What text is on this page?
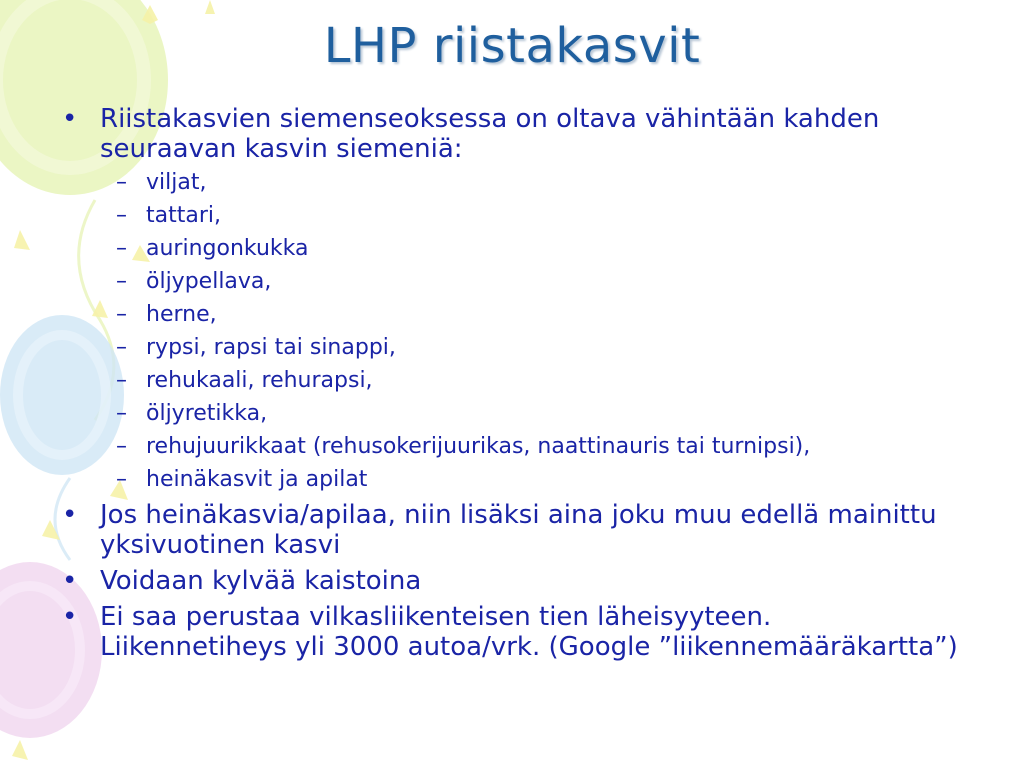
LHP riistakasvit
• Riistakasvien siemenseoksessa on oltava vähintään kahden seuraavan kasvin siemeniä:
– viljat,
– tattari,
– auringonkukka
– öljypellava,
– herne,
– rypsi, rapsi tai sinappi,
– rehukaali, rehurapsi,
– öljyretikka,
– rehujuurikkaat (rehusokerijuurikas, naattinauris tai turnipsi),
– heinäkasvit ja apilat
• Jos heinäkasvia/apilaa, niin lisäksi aina joku muu edellä mainittu yksivuotinen kasvi
• Voidaan kylvää kaistoina
• Ei saa perustaa vilkasliikenteisen tien läheisyyteen. Liikennetiheys yli 3000 autoa/vrk. (Google ”liikennemääräkartta”)
